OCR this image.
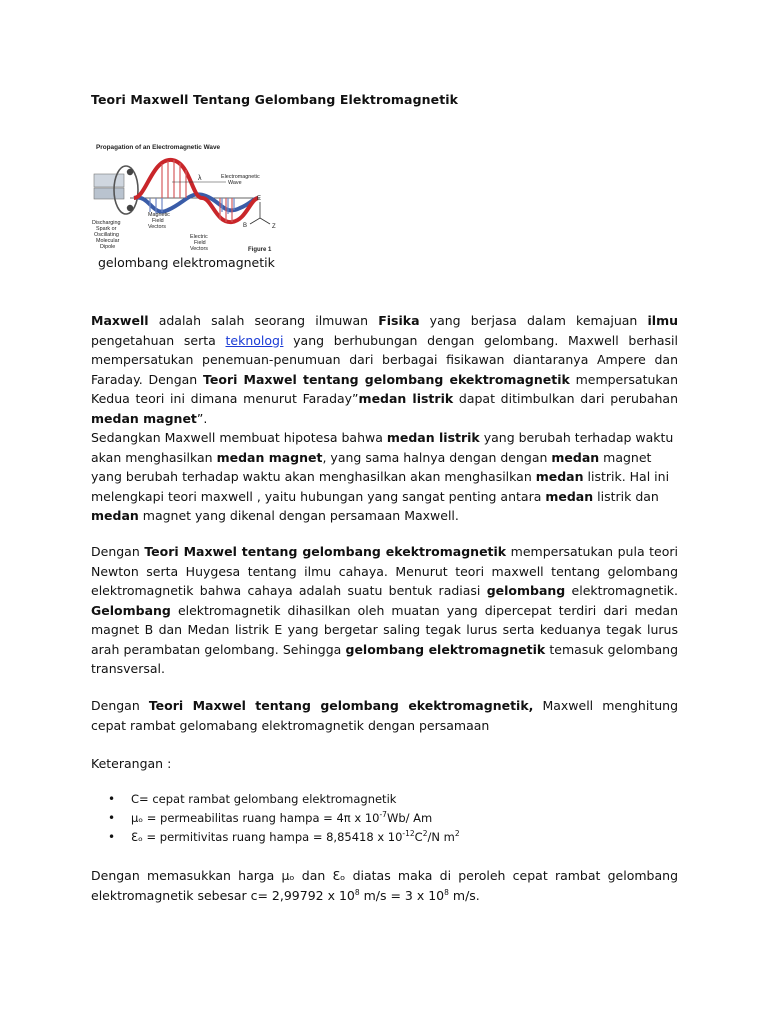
Teori Maxwell Tentang Gelombang Elektromagnetik
Propagation of an Electromagnetic Wave
λ	Electromagnetic
Wave
E
B	Z
Magnetic
Field
Vectors
Electric
Field
Vectors
Discharging
Spark or
Oscillating
Molecular
Dipole	Figure 1
gelombang elektromagnetik
Maxwell adalah salah seorang ilmuwan Fisika yang berjasa dalam kemajuan ilmu pengetahuan serta teknologi yang berhubungan dengan gelombang. Maxwell berhasil mempersatukan penemuan-penumuan dari berbagai fisikawan diantaranya Ampere dan Faraday. Dengan Teori Maxwel tentang gelombang ekektromagnetik mempersatukan Kedua teori ini dimana menurut Faraday”medan listrik dapat ditimbulkan dari perubahan medan magnet”.
Sedangkan Maxwell membuat hipotesa bahwa medan listrik yang berubah terhadap waktu akan menghasilkan medan magnet, yang sama halnya dengan dengan medan magnet yang berubah terhadap waktu akan menghasilkan akan menghasilkan medan listrik. Hal ini melengkapi teori maxwell , yaitu hubungan yang sangat penting antara medan listrik dan medan magnet yang dikenal dengan persamaan Maxwell.
Dengan Teori Maxwel tentang gelombang ekektromagnetik mempersatukan pula teori Newton serta Huygesa tentang ilmu cahaya. Menurut teori maxwell tentang gelombang elektromagnetik bahwa cahaya adalah suatu bentuk radiasi gelombang elektromagnetik. Gelombang elektromagnetik dihasilkan oleh muatan yang dipercepat terdiri dari medan magnet B dan Medan listrik E yang bergetar saling tegak lurus serta keduanya tegak lurus arah perambatan gelombang. Sehingga gelombang elektromagnetik temasuk gelombang transversal.
Dengan Teori Maxwel tentang gelombang ekektromagnetik, Maxwell menghitung cepat rambat gelomabang elektromagnetik dengan persamaan
Keterangan :
• C= cepat rambat gelombang elektromagnetik
• μₒ = permeabilitas ruang hampa = 4π x $10^{-7}Wb/$ Am
• Ɛₒ = permitivitas ruang hampa = 8,85418 x $10^{-12}C^2/N$ $m^2$
Dengan memasukkan harga μₒ dan Ɛₒ diatas maka di peroleh cepat rambat gelombang elektromagnetik sebesar c= 2,99792 x $10^8$ m/s = 3 x $10^8$ m/s.
